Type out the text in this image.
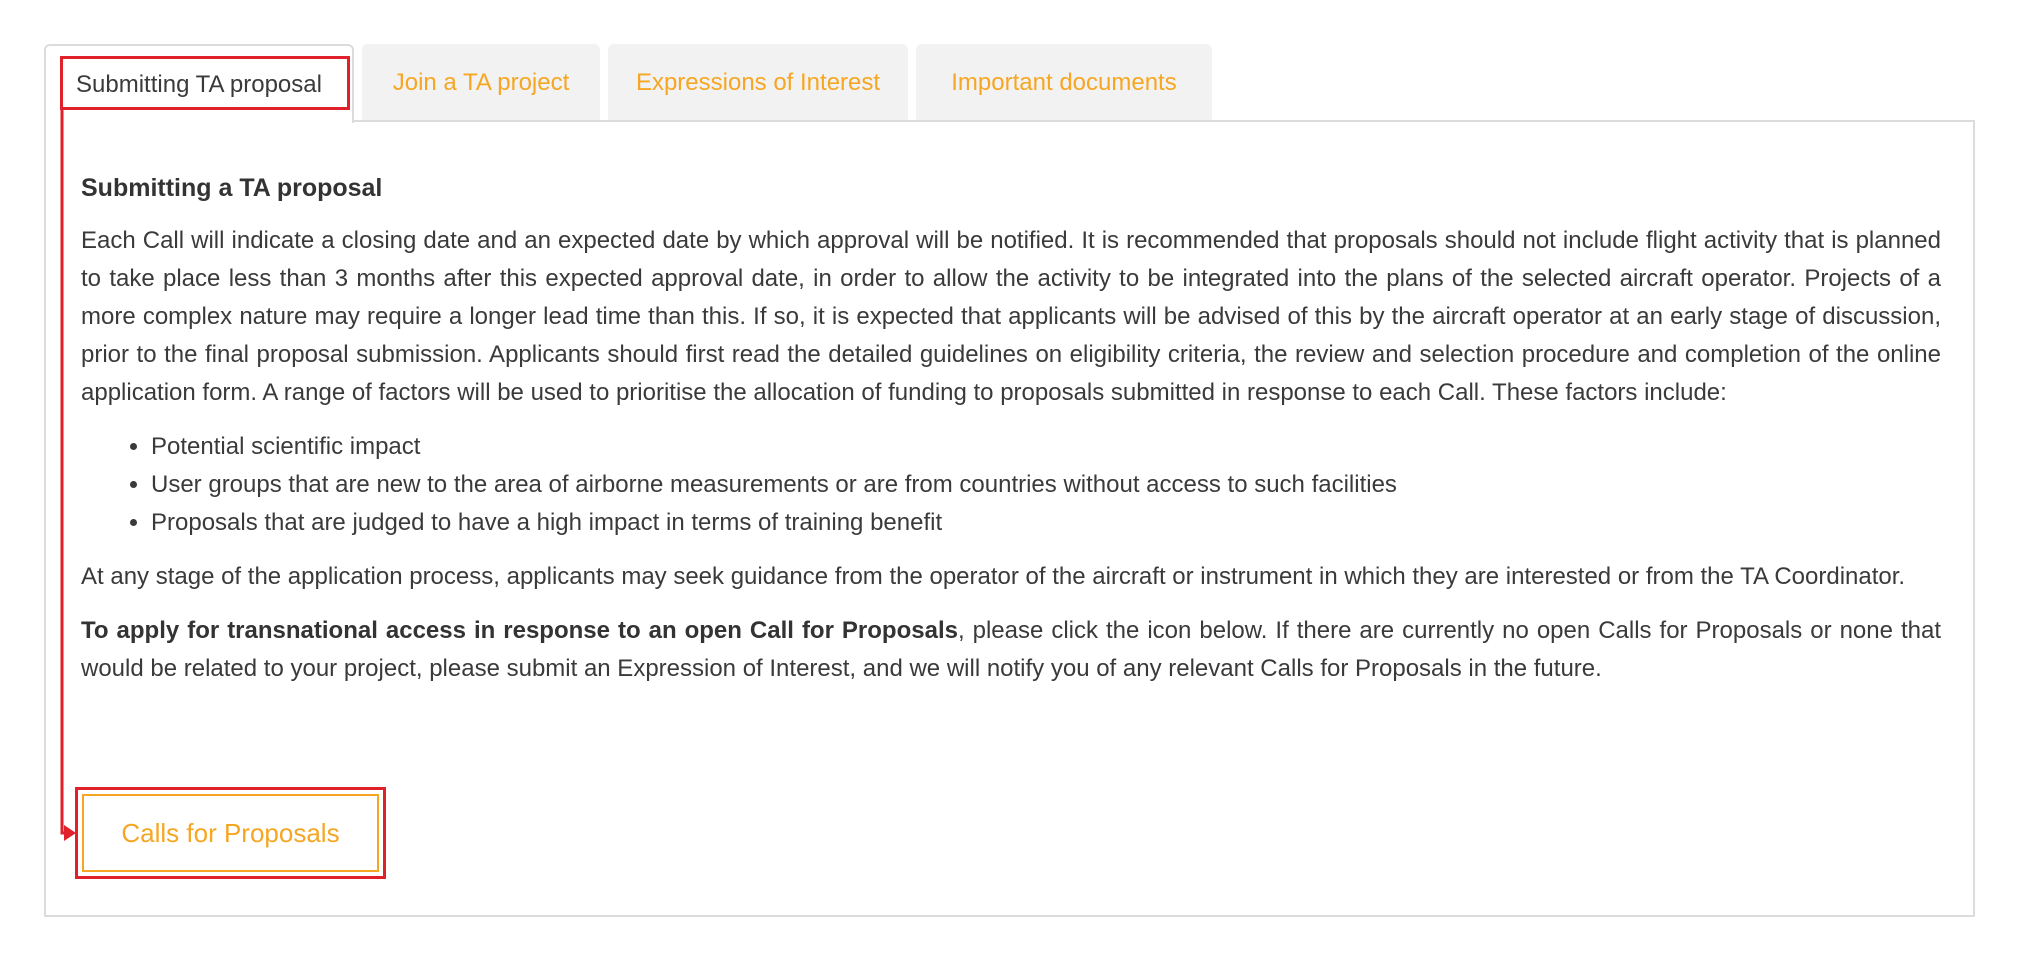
Submitting TA proposal	Join a TA project	Expressions of Interest	Important documents
Submitting a TA proposal

Each Call will indicate a closing date and an expected date by which approval will be notified. It is recommended that proposals should not include flight activity that is planned to take place less than 3 months after this expected approval date, in order to allow the activity to be integrated into the plans of the selected aircraft operator. Projects of a more complex nature may require a longer lead time than this. If so, it is expected that applicants will be advised of this by the aircraft operator at an early stage of discussion, prior to the final proposal submission. Applicants should first read the detailed guidelines on eligibility criteria, the review and selection procedure and completion of the online application form. A range of factors will be used to prioritise the allocation of funding to proposals submitted in response to each Call. These factors include:

• Potential scientific impact
• User groups that are new to the area of airborne measurements or are from countries without access to such facilities
• Proposals that are judged to have a high impact in terms of training benefit

At any stage of the application process, applicants may seek guidance from the operator of the aircraft or instrument in which they are interested or from the TA Coordinator.

To apply for transnational access in response to an open Call for Proposals, please click the icon below. If there are currently no open Calls for Proposals or none that would be related to your project, please submit an Expression of Interest, and we will notify you of any relevant Calls for Proposals in the future.

Calls for Proposals
